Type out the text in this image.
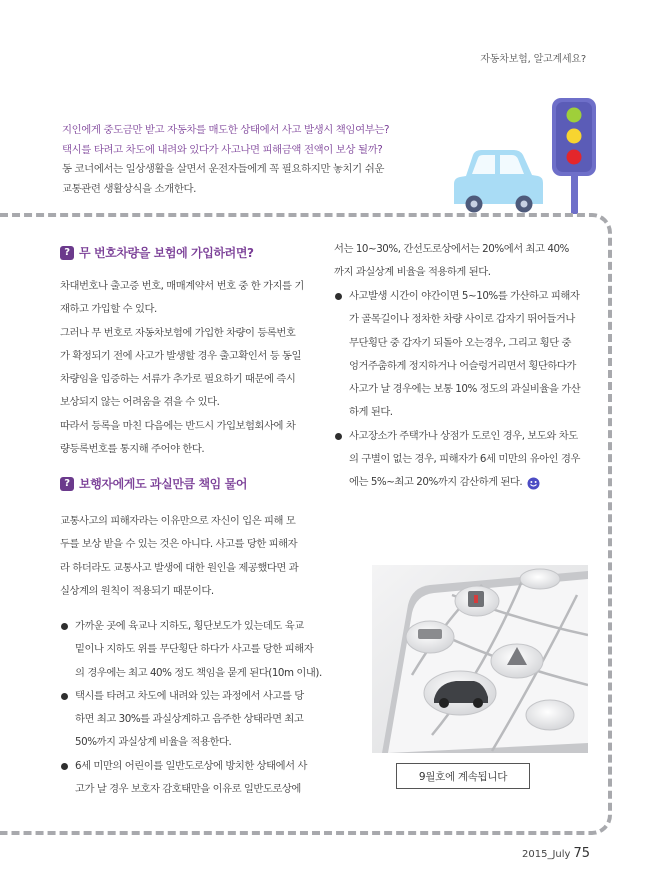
자동차보험, 알고계세요?

지인에게 중도금만 받고 자동차를 매도한 상태에서 사고 발생시 책임여부는?

택시를 타려고 차도에 내려와 있다가 사고나면 피해금액 전액이 보상 될까?

동 코너에서는 일상생활을 살면서 운전자들에게 꼭 필요하지만 놓치기 쉬운

교통관련 생활상식을 소개한다.

? 무 번호차량을 보험에 가입하려면?

차대번호나 출고증 번호, 매매계약서 번호 중 한 가지를 기

재하고 가입할 수 있다.

그러나 무 번호로 자동차보험에 가입한 차량이 등록번호

가 확정되기 전에 사고가 발생할 경우 출고확인서 등 동일

차량임을 입증하는 서류가 추가로 필요하기 때문에 즉시

보상되지 않는 어려움을 겪을 수 있다.

따라서 등록을 마친 다음에는 반드시 가입보험회사에 차

량등록번호를 통지해 주어야 한다.

? 보행자에게도 과실만큼 책임 물어

교통사고의 피해자라는 이유만으로 자신이 입은 피해 모

두를 보상 받을 수 있는 것은 아니다. 사고를 당한 피해자

라 하더라도 교통사고 발생에 대한 원인을 제공했다면 과

실상계의 원칙이 적용되기 때문이다.

가까운 곳에 육교나 지하도, 횡단보도가 있는데도 육교
밑이나 지하도 위를 무단횡단 하다가 사고를 당한 피해자
의 경우에는 최고 40% 정도 책임을 묻게 된다(10m 이내).
택시를 타려고 차도에 내려와 있는 과정에서 사고를 당
하면 최고 30%를 과실상계하고 음주한 상태라면 최고
50%까지 과실상계 비율을 적용한다.
6세 미만의 어린이를 일반도로상에 방치한 상태에서 사
고가 날 경우 보호자 감호태만을 이유로 일반도로상에

서는 10~30%, 간선도로상에서는 20%에서 최고 40%

까지 과실상계 비율을 적용하게 된다.

사고발생 시간이 야간이면 5~10%를 가산하고 피해자
가 골목길이나 정차한 차량 사이로 갑자기 뛰어들거나
무단횡단 중 갑자기 되돌아 오는경우, 그리고 횡단 중
엉거주춤하게 정지하거나 어슬렁거리면서 횡단하다가
사고가 날 경우에는 보통 10% 정도의 과실비율을 가산
하게 된다.
사고장소가 주택가나 상점가 도로인 경우, 보도와 차도
의 구별이 없는 경우, 피해자가 6세 미만의 유아인 경우
에는 5%~최고 20%까지 감산하게 된다.
9월호에 계속됩니다
2015_July 75
